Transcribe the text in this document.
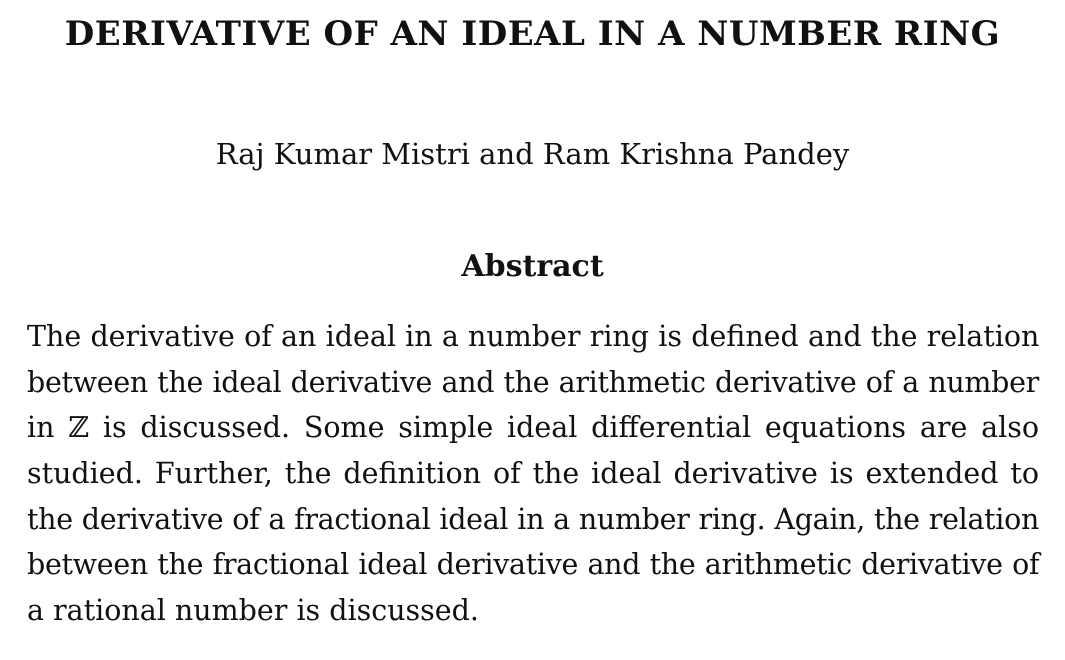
DERIVATIVE OF AN IDEAL IN A NUMBER RING
Raj Kumar Mistri and Ram Krishna Pandey
Abstract
The derivative of an ideal in a number ring is defined and the relation
between the ideal derivative and the arithmetic derivative of a number
in ℤ is discussed. Some simple ideal differential equations are also
studied. Further, the definition of the ideal derivative is extended to
the derivative of a fractional ideal in a number ring. Again, the relation
between the fractional ideal derivative and the arithmetic derivative of
a rational number is discussed.
